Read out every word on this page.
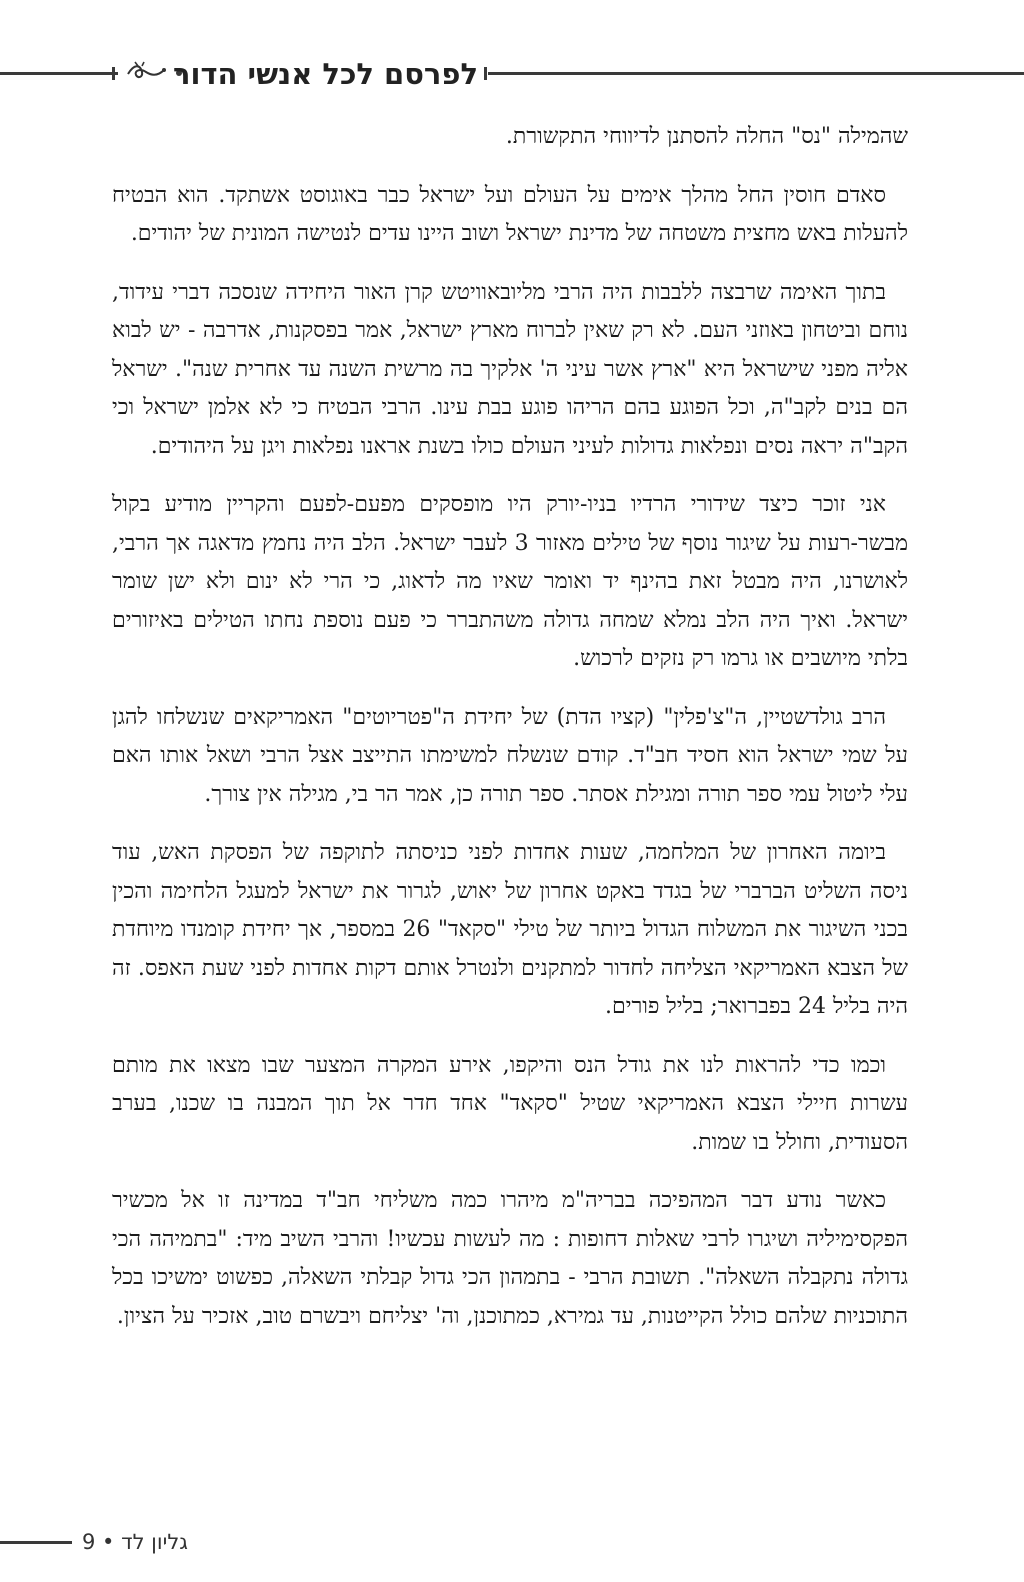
לפרסם לכל אנשי הדור

שהמילה "נס" החלה להסתנן לדיווחי התקשורת.

סאדם חוסין החל מהלך אימים על העולם ועל ישראל כבר באוגוסט אשתקד. הוא הבטיח להעלות באש מחצית משטחה של מדינת ישראל ושוב היינו עדים לנטישה המונית של יהודים.

בתוך האימה שרבצה ללבבות היה הרבי מליובאוויטש קרן האור היחידה שנסכה דברי עידוד, נוחם וביטחון באוזני העם. לא רק שאין לברוח מארץ ישראל, אמר בפסקנות, אדרבה - יש לבוא אליה מפני שישראל היא "ארץ אשר עיני ה' אלקיך בה מרשית השנה עד אחרית שנה". ישראל הם בנים לקב"ה, וכל הפוגע בהם הריהו פוגע בבת עינו. הרבי הבטיח כי לא אלמן ישראל וכי הקב"ה יראה נסים ונפלאות גדולות לעיני העולם כולו בשנת אראנו נפלאות ויגן על היהודים.

אני זוכר כיצד שידורי הרדיו בניו-יורק היו מופסקים מפעם-לפעם והקריין מודיע בקול מבשר-רעות על שיגור נוסף של טילים מאזור 3 לעבר ישראל. הלב היה נחמץ מדאגה אך הרבי, לאושרנו, היה מבטל זאת בהינף יד ואומר שאיו מה לדאוג, כי הרי לא ינום ולא ישן שומר ישראל. ואיך היה הלב נמלא שמחה גדולה משהתברר כי פעם נוספת נחתו הטילים באיזורים בלתי מיושבים או גרמו רק נזקים לרכוש.

הרב גולדשטיין, ה"צ'פלין" (קציו הדת) של יחידת ה"פטריוטים" האמריקאים שנשלחו להגן על שמי ישראל הוא חסיד חב"ד. קודם שנשלח למשימתו התייצב אצל הרבי ושאל אותו האם עלי ליטול עמי ספר תורה ומגילת אסתר. ספר תורה כן, אמר הר בי, מגילה אין צורך.

ביומה האחרון של המלחמה, שעות אחדות לפני כניסתה לתוקפה של הפסקת האש, עוד ניסה השליט הברברי של בגדד באקט אחרון של יאוש, לגרור את ישראל למעגל הלחימה והכין בכני השיגור את המשלוח הגדול ביותר של טילי "סקאד" 26 במספר, אך יחידת קומנדו מיוחדת של הצבא האמריקאי הצליחה לחדור למתקנים ולנטרל אותם דקות אחדות לפני שעת האפס. זה היה בליל 24 בפברואר; בליל פורים.

וכמו כדי להראות לנו את גודל הנס והיקפו, אירע המקרה המצער שבו מצאו את מותם עשרות חיילי הצבא האמריקאי שטיל "סקאד" אחד חדר אל תוך המבנה בו שכנו, בערב הסעודית, וחולל בו שמות.

כאשר נודע דבר המהפיכה בבריה"מ מיהרו כמה משליחי חב"ד במדינה זו אל מכשיר הפקסימיליה ושיגרו לרבי שאלות דחופות : מה לעשות עכשיו! והרבי השיב מיד: "בתמיהה הכי גדולה נתקבלה השאלה". תשובת הרבי - בתמהון הכי גדול קבלתי השאלה, כפשוט ימשיכו בכל התוכניות שלהם כולל הקייטנות, עד גמירא, כמתוכנן, וה' יצליחם ויבשרם טוב, אזכיר על הציון.

גליון לד • 9
